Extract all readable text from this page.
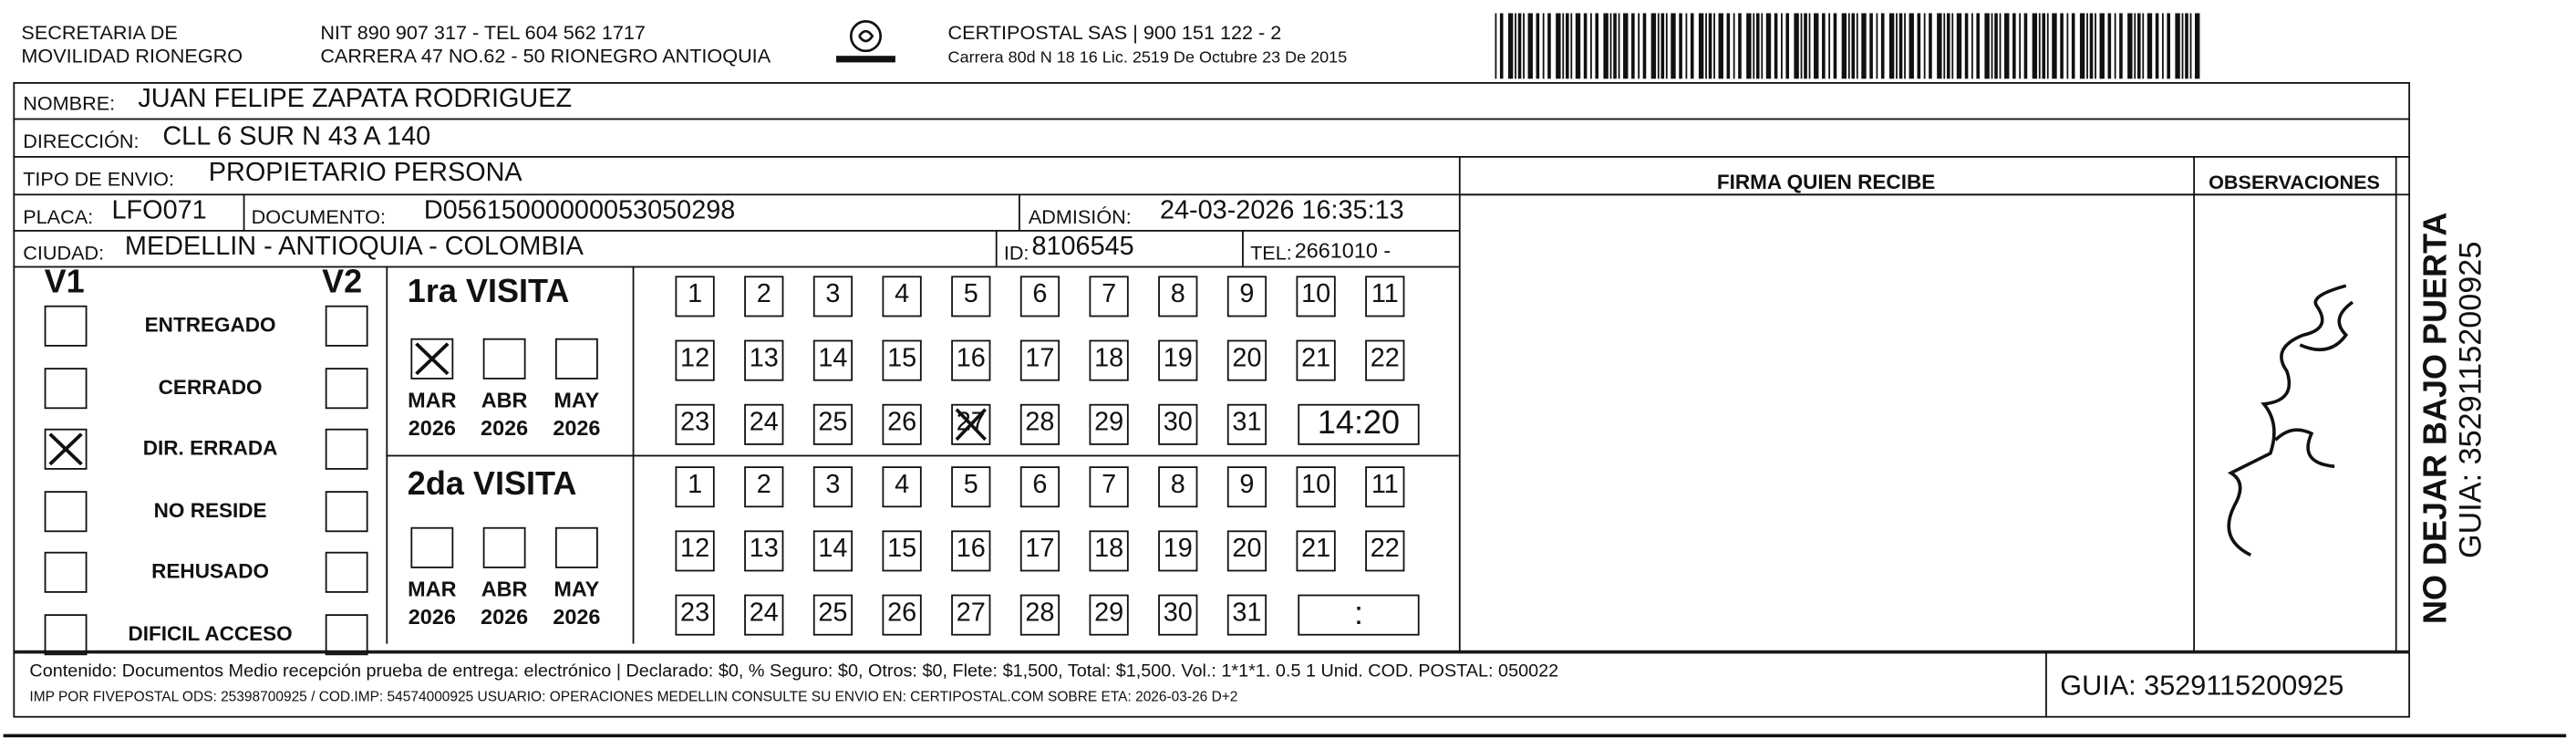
SECRETARIA DE
MOVILIDAD RIONEGRO
NIT 890 907 317 - TEL 604 562 1717
CARRERA 47 NO.62 - 50 RIONEGRO ANTIOQUIA
CERTIPOSTAL SAS | 900 151 122 - 2
Carrera 80d N 18 16 Lic. 2519 De Octubre 23 De 2015
NOMBRE: JUAN FELIPE ZAPATA RODRIGUEZ
DIRECCIÓN: CLL 6 SUR N 43 A 140
TIPO DE ENVIO: PROPIETARIO PERSONA
PLACA: LFO071	DOCUMENTO:	D05615000000053050298	ADMISIÓN: 24-03-2026 16:35:13
CIUDAD: MEDELLIN - ANTIOQUIA - COLOMBIA	ID: 8106545	TEL: 2661010 -
FIRMA QUIEN RECIBE	OBSERVACIONES
V1	V2
ENTREGADO
CERRADO
DIR. ERRADA
NO RESIDE
REHUSADO
DIFICIL ACCESO
1ra VISITA
MAR
2026
ABR
2026
MAY
2026
1	2	3	4	5	6	7	8	9	10	11
12	13	14	15	16	17	18	19	20	21	22
23	24	25	26	27	28	29	30	31	14:20
2da VISITA
MAR
2026
ABR
2026
MAY
2026
1	2	3	4	5	6	7	8	9	10	11
12	13	14	15	16	17	18	19	20	21	22
23	24	25	26	27	28	29	30	31	:
Contenido: Documentos Medio recepción prueba de entrega: electrónico | Declarado: $0, % Seguro: $0, Otros: $0, Flete: $1,500, Total: $1,500. Vol.: 1*1*1. 0.5 1 Unid. COD. POSTAL: 050022
IMP POR FIVEPOSTAL ODS: 25398700925 / COD.IMP: 54574000925 USUARIO: OPERACIONES MEDELLIN CONSULTE SU ENVIO EN: CERTIPOSTAL.COM SOBRE ETA: 2026-03-26 D+2	GUIA: 3529115200925
NO DEJAR BAJO PUERTA GUIA: 3529115200925
